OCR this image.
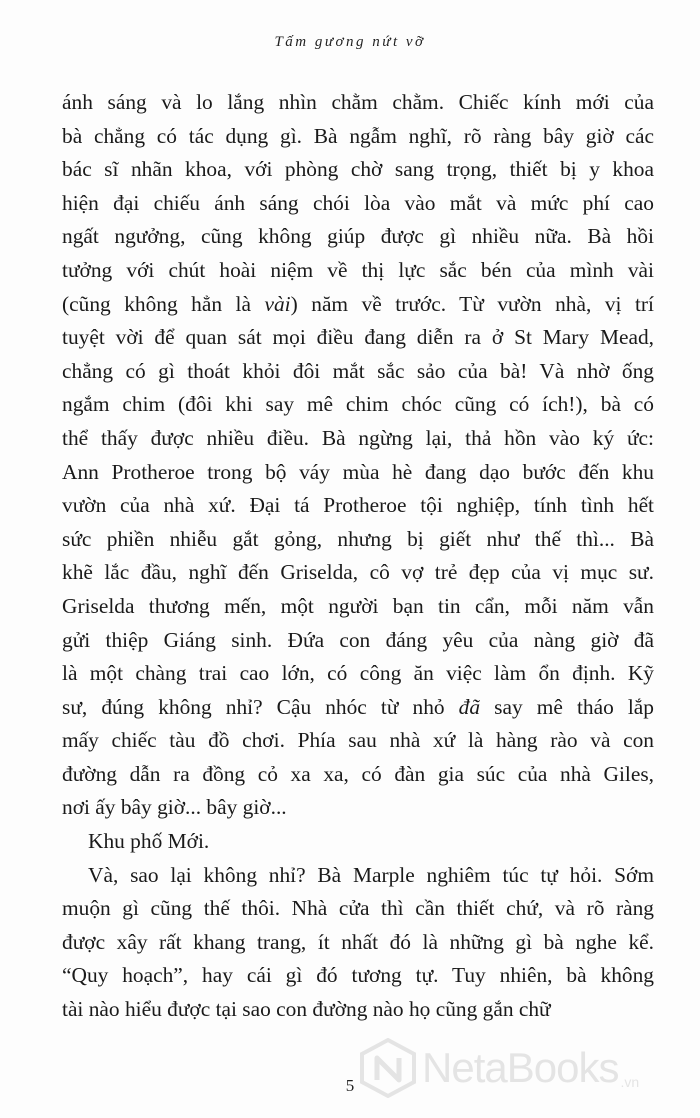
Tấm gương nứt vỡ
ánh sáng và lo lắng nhìn chằm chằm. Chiếc kính mới của
bà chẳng có tác dụng gì. Bà ngẫm nghĩ, rõ ràng bây giờ các
bác sĩ nhãn khoa, với phòng chờ sang trọng, thiết bị y khoa
hiện đại chiếu ánh sáng chói lòa vào mắt và mức phí cao
ngất ngưởng, cũng không giúp được gì nhiều nữa. Bà hồi
tưởng với chút hoài niệm về thị lực sắc bén của mình vài
(cũng không hẳn là vài) năm về trước. Từ vườn nhà, vị trí
tuyệt vời để quan sát mọi điều đang diễn ra ở St Mary Mead,
chẳng có gì thoát khỏi đôi mắt sắc sảo của bà! Và nhờ ống
ngắm chim (đôi khi say mê chim chóc cũng có ích!), bà có
thể thấy được nhiều điều. Bà ngừng lại, thả hồn vào ký ức:
Ann Protheroe trong bộ váy mùa hè đang dạo bước đến khu
vườn của nhà xứ. Đại tá Protheroe tội nghiệp, tính tình hết
sức phiền nhiễu gắt gỏng, nhưng bị giết như thế thì... Bà
khẽ lắc đầu, nghĩ đến Griselda, cô vợ trẻ đẹp của vị mục sư.
Griselda thương mến, một người bạn tin cẩn, mỗi năm vẫn
gửi thiệp Giáng sinh. Đứa con đáng yêu của nàng giờ đã
là một chàng trai cao lớn, có công ăn việc làm ổn định. Kỹ
sư, đúng không nhỉ? Cậu nhóc từ nhỏ đã say mê tháo lắp
mấy chiếc tàu đồ chơi. Phía sau nhà xứ là hàng rào và con
đường dẫn ra đồng cỏ xa xa, có đàn gia súc của nhà Giles,
nơi ấy bây giờ... bây giờ...
Khu phố Mới.
Và, sao lại không nhỉ? Bà Marple nghiêm túc tự hỏi. Sớm
muộn gì cũng thế thôi. Nhà cửa thì cần thiết chứ, và rõ ràng
được xây rất khang trang, ít nhất đó là những gì bà nghe kể.
“Quy hoạch”, hay cái gì đó tương tự. Tuy nhiên, bà không
tài nào hiểu được tại sao con đường nào họ cũng gắn chữ
5	NetaBooks .vn
